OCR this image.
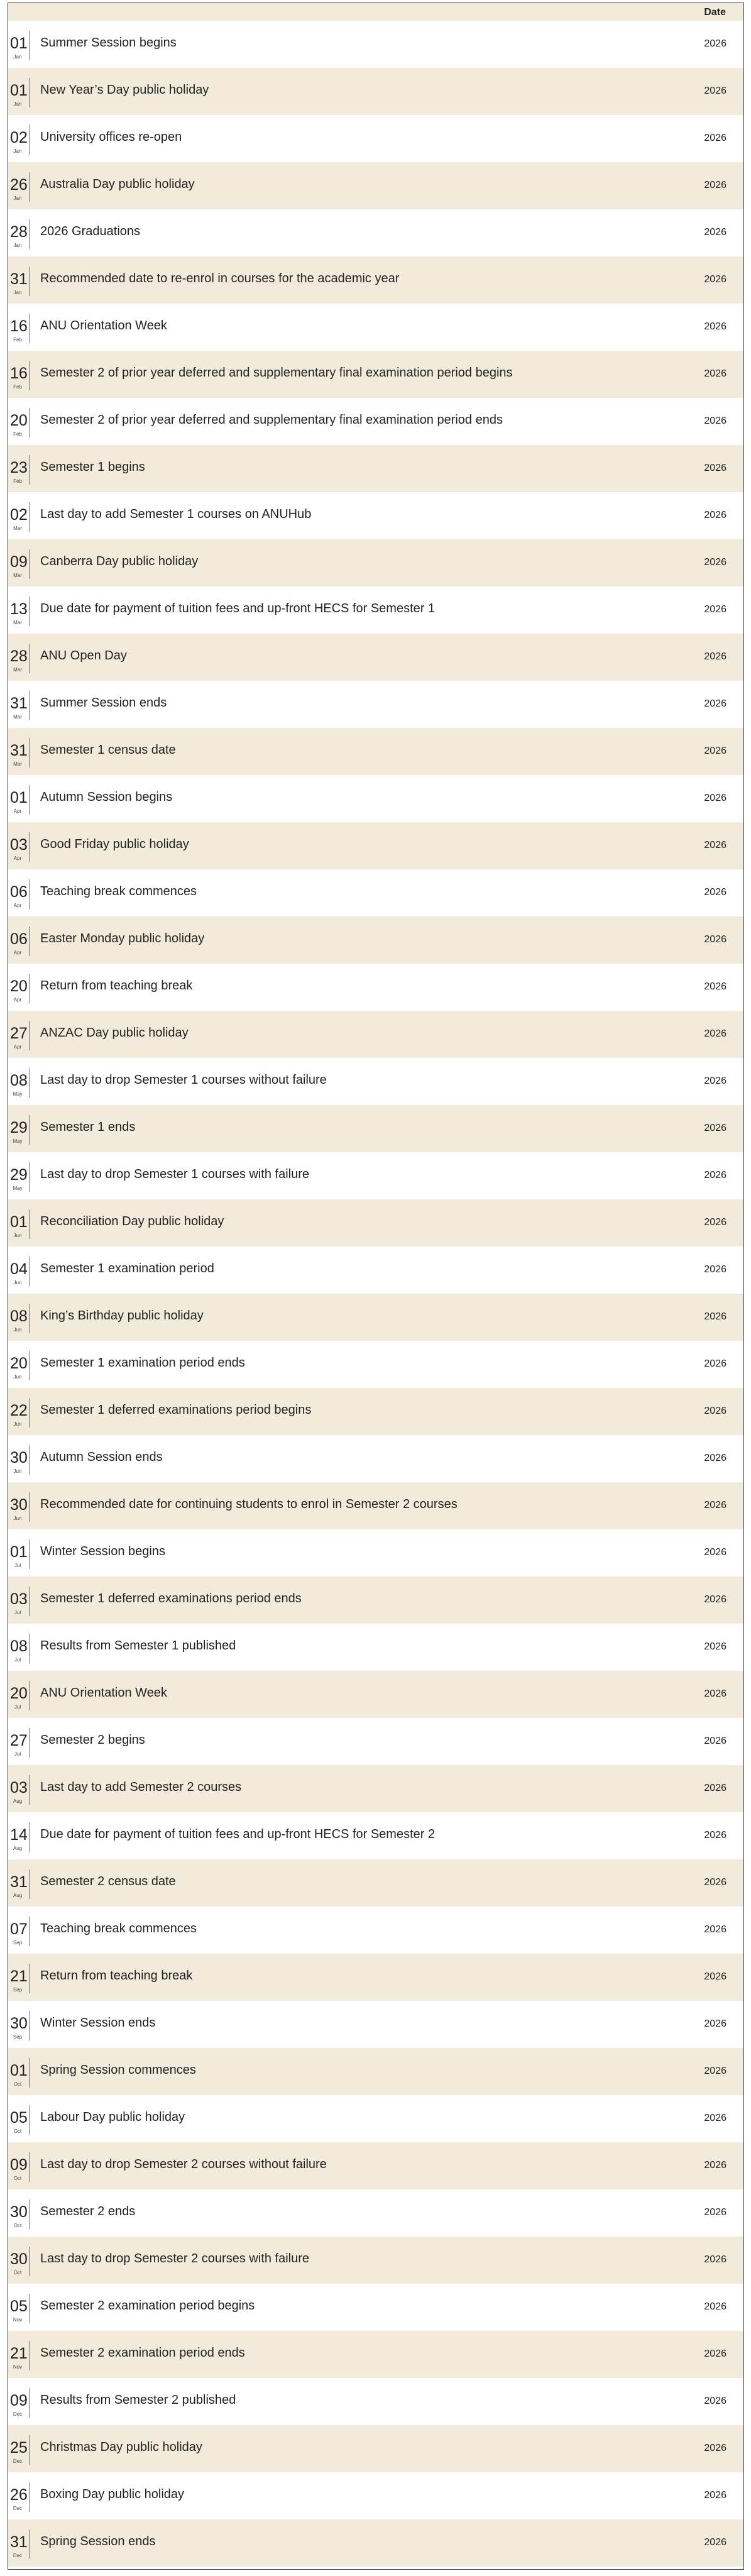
Date
01
Jan
Summer Session begins	2026
01
Jan
New Year’s Day public holiday	2026
02
Jan
University offices re-open	2026
26
Jan
Australia Day public holiday	2026
28
Jan
2026 Graduations	2026
31
Jan
Recommended date to re-enrol in courses for the academic year	2026
16
Feb
ANU Orientation Week	2026
16
Feb
Semester 2 of prior year deferred and supplementary final examination period begins	2026
20
Feb
Semester 2 of prior year deferred and supplementary final examination period ends	2026
23
Feb
Semester 1 begins	2026
02
Mar
Last day to add Semester 1 courses on ANUHub	2026
09
Mar
Canberra Day public holiday	2026
13
Mar
Due date for payment of tuition fees and up-front HECS for Semester 1	2026
28
Mar
ANU Open Day	2026
31
Mar
Summer Session ends	2026
31
Mar
Semester 1 census date	2026
01
Apr
Autumn Session begins	2026
03
Apr
Good Friday public holiday	2026
06
Apr
Teaching break commences	2026
06
Apr
Easter Monday public holiday	2026
20
Apr
Return from teaching break	2026
27
Apr
ANZAC Day public holiday	2026
08
May
Last day to drop Semester 1 courses without failure	2026
29
May
Semester 1 ends	2026
29
May
Last day to drop Semester 1 courses with failure	2026
01
Jun
Reconciliation Day public holiday	2026
04
Jun
Semester 1 examination period	2026
08
Jun
King’s Birthday public holiday	2026
20
Jun
Semester 1 examination period ends	2026
22
Jun
Semester 1 deferred examinations period begins	2026
30
Jun
Autumn Session ends	2026
30
Jun
Recommended date for continuing students to enrol in Semester 2 courses	2026
01
Jul
Winter Session begins	2026
03
Jul
Semester 1 deferred examinations period ends	2026
08
Jul
Results from Semester 1 published	2026
20
Jul
ANU Orientation Week	2026
27
Jul
Semester 2 begins	2026
03
Aug
Last day to add Semester 2 courses	2026
14
Aug
Due date for payment of tuition fees and up-front HECS for Semester 2	2026
31
Aug
Semester 2 census date	2026
07
Sep
Teaching break commences	2026
21
Sep
Return from teaching break	2026
30
Sep
Winter Session ends	2026
01
Oct
Spring Session commences	2026
05
Oct
Labour Day public holiday	2026
09
Oct
Last day to drop Semester 2 courses without failure	2026
30
Oct
Semester 2 ends	2026
30
Oct
Last day to drop Semester 2 courses with failure	2026
05
Nov
Semester 2 examination period begins	2026
21
Nov
Semester 2 examination period ends	2026
09
Dec
Results from Semester 2 published	2026
25
Dec
Christmas Day public holiday	2026
26
Dec
Boxing Day public holiday	2026
31
Dec
Spring Session ends	2026
